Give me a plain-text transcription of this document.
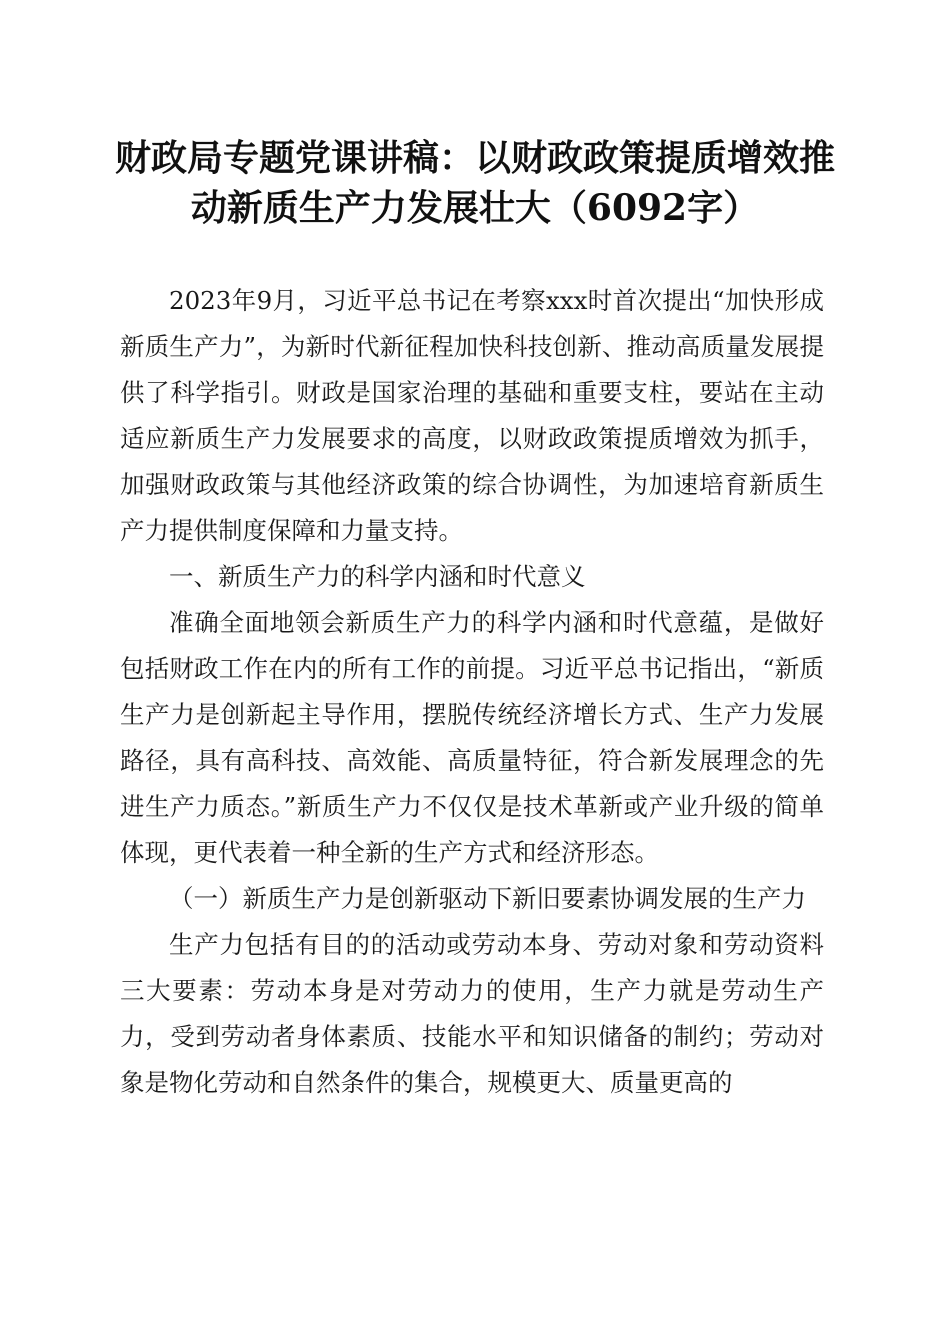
财政局专题党课讲稿：以财政政策提质增效推
动新质生产力发展壮大（6092字）

2023年9月，习近平总书记在考察xxx时首次提出“加快形成新质生产力”，为新时代新征程加快科技创新、推动高质量发展提供了科学指引。财政是国家治理的基础和重要支柱，要站在主动适应新质生产力发展要求的高度，以财政政策提质增效为抓手，加强财政政策与其他经济政策的综合协调性，为加速培育新质生产力提供制度保障和力量支持。

一、新质生产力的科学内涵和时代意义

准确全面地领会新质生产力的科学内涵和时代意蕴，是做好包括财政工作在内的所有工作的前提。习近平总书记指出，“新质生产力是创新起主导作用，摆脱传统经济增长方式、生产力发展路径，具有高科技、高效能、高质量特征，符合新发展理念的先进生产力质态。”新质生产力不仅仅是技术革新或产业升级的简单体现，更代表着一种全新的生产方式和经济形态。

（一）新质生产力是创新驱动下新旧要素协调发展的生产力

生产力包括有目的的活动或劳动本身、劳动对象和劳动资料三大要素：劳动本身是对劳动力的使用，生产力就是劳动生产力，受到劳动者身体素质、技能水平和知识储备的制约；劳动对象是物化劳动和自然条件的集合，规模更大、质量更高的
